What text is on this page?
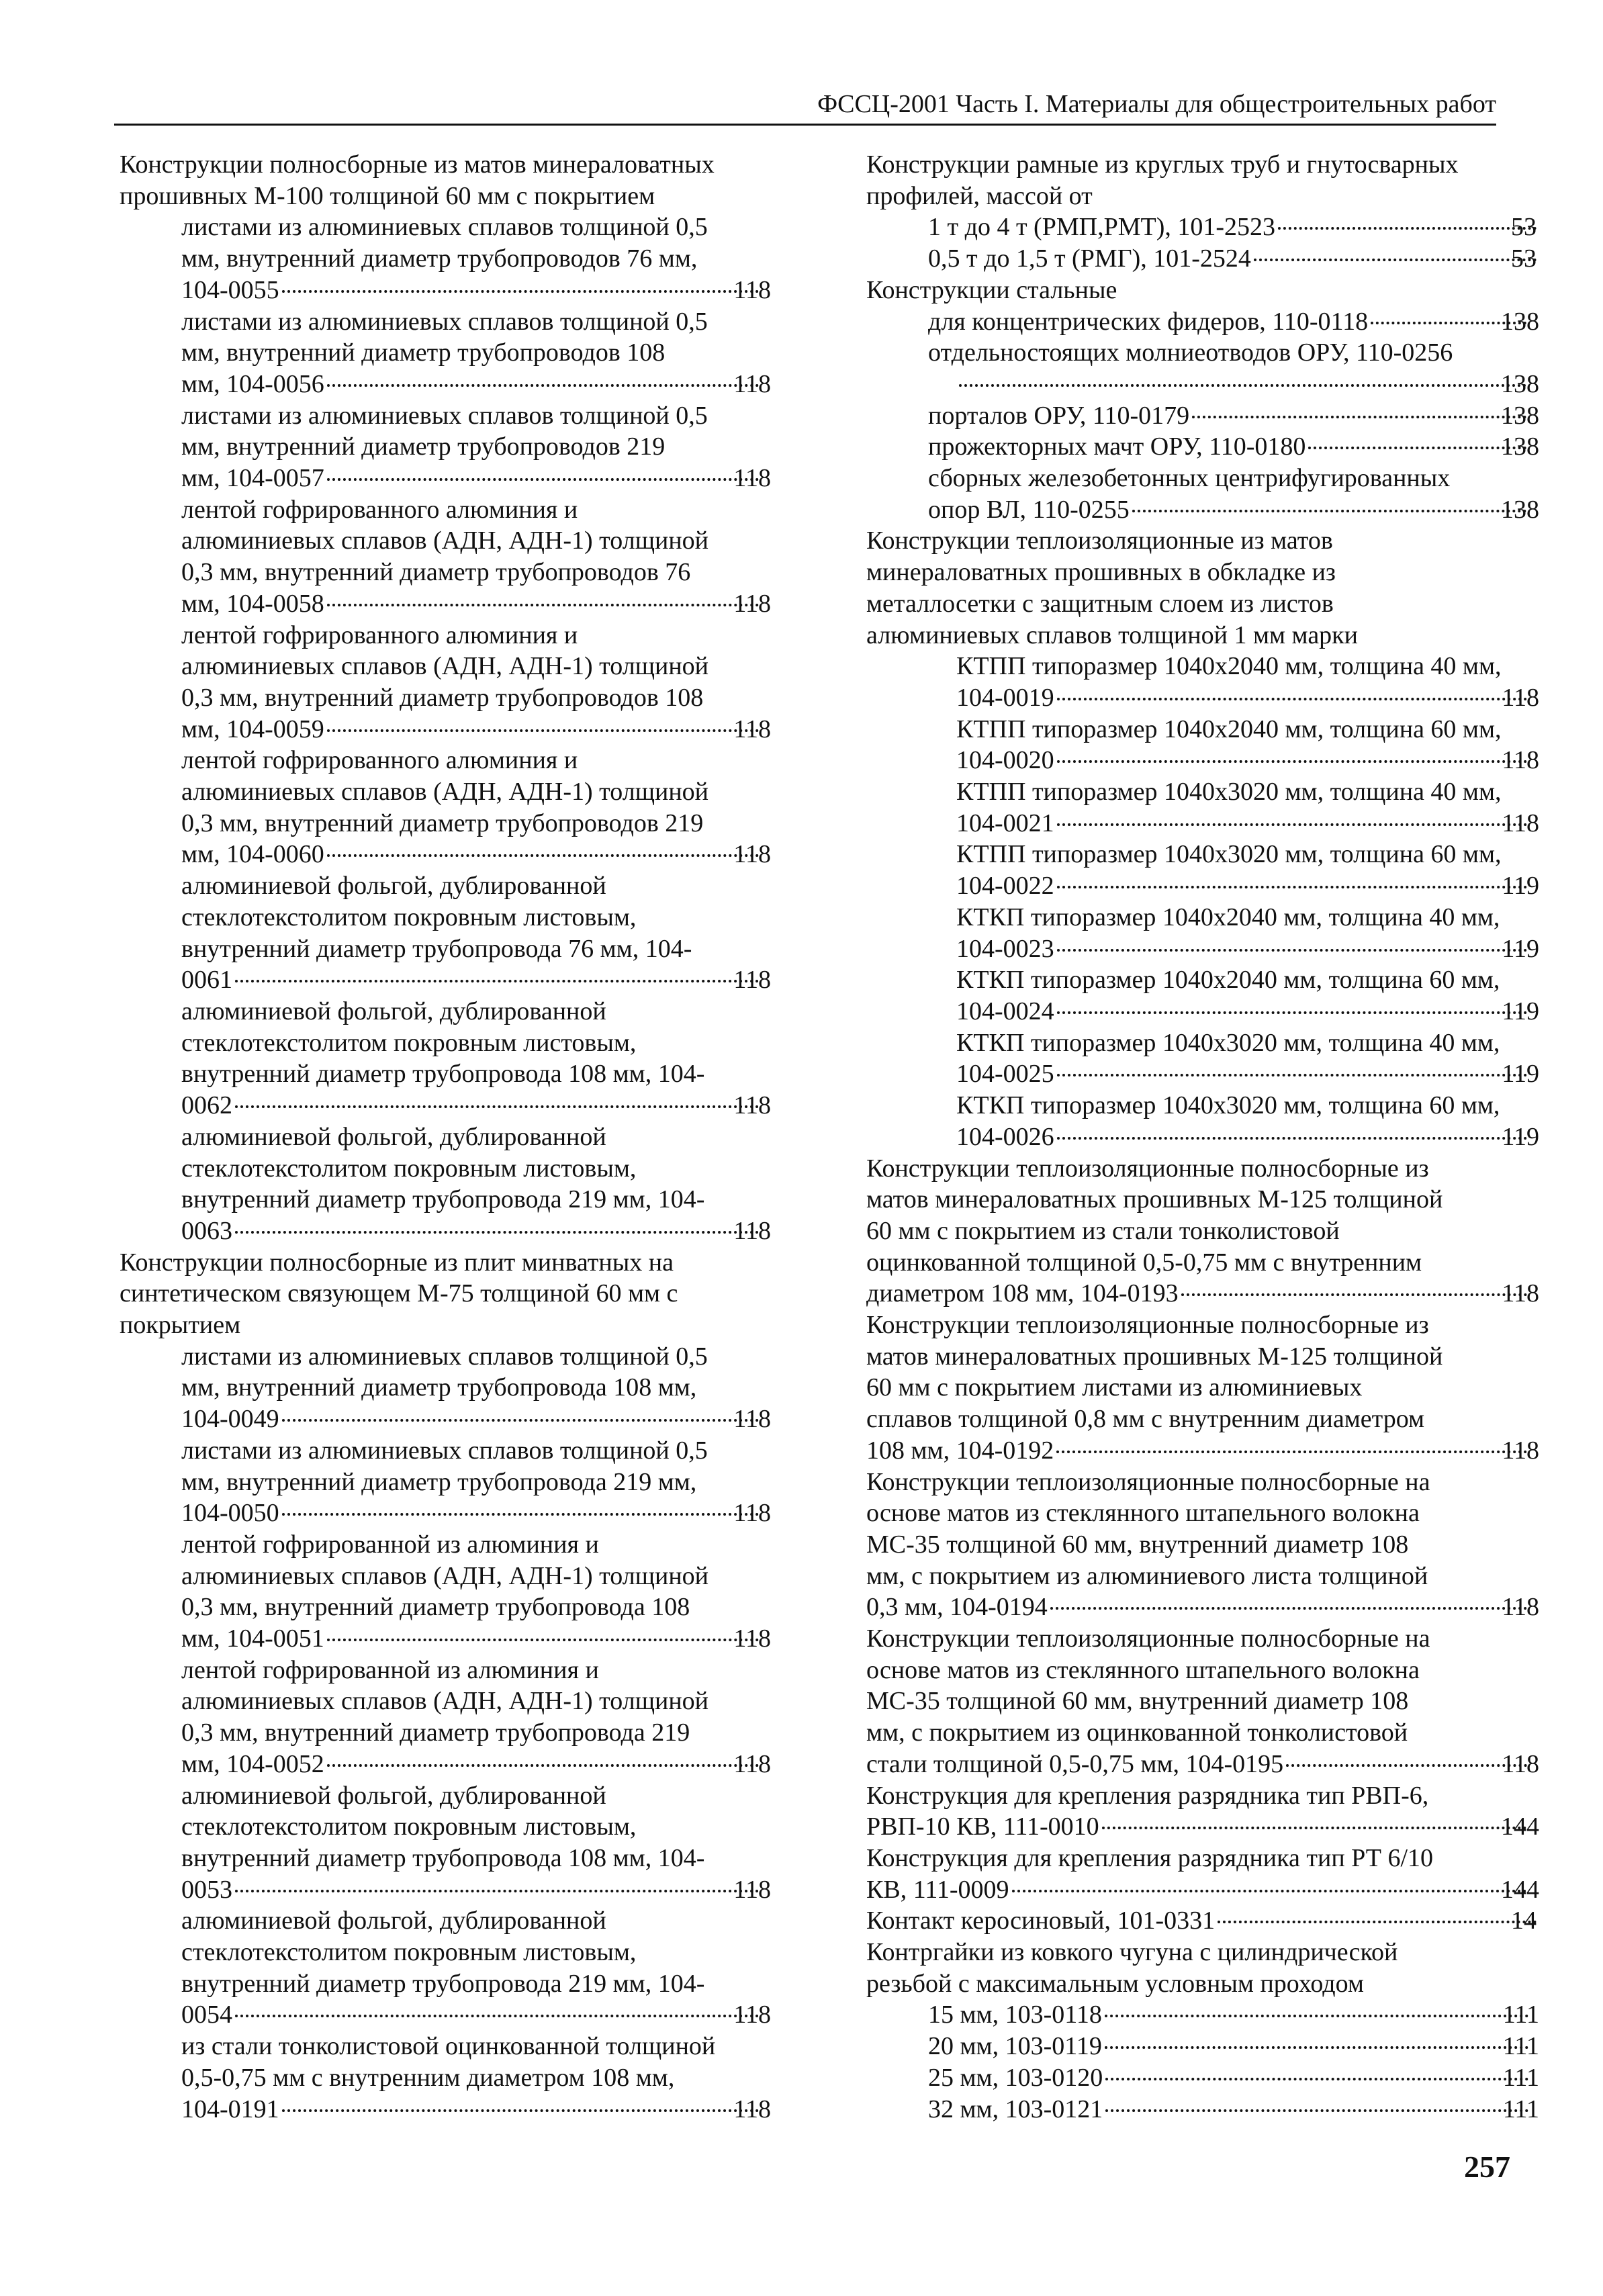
ФССЦ-2001 Часть I. Материалы для общестроительных работ
Конструкции полносборные из матов минераловатных
прошивных М-100 толщиной 60 мм с покрытием
листами из алюминиевых сплавов толщиной 0,5
мм, внутренний диаметр трубопроводов 76 мм,
104-0055	118
листами из алюминиевых сплавов толщиной 0,5
мм, внутренний диаметр трубопроводов 108
мм, 104-0056	118
листами из алюминиевых сплавов толщиной 0,5
мм, внутренний диаметр трубопроводов 219
мм, 104-0057	118
лентой гофрированного алюминия и
алюминиевых сплавов (АДН, АДН-1) толщиной
0,3 мм, внутренний диаметр трубопроводов 76
мм, 104-0058	118
лентой гофрированного алюминия и
алюминиевых сплавов (АДН, АДН-1) толщиной
0,3 мм, внутренний диаметр трубопроводов 108
мм, 104-0059	118
лентой гофрированного алюминия и
алюминиевых сплавов (АДН, АДН-1) толщиной
0,3 мм, внутренний диаметр трубопроводов 219
мм, 104-0060	118
алюминиевой фольгой, дублированной
стеклотекстолитом покровным листовым,
внутренний диаметр трубопровода 76 мм, 104-
0061	118
алюминиевой фольгой, дублированной
стеклотекстолитом покровным листовым,
внутренний диаметр трубопровода 108 мм, 104-
0062	118
алюминиевой фольгой, дублированной
стеклотекстолитом покровным листовым,
внутренний диаметр трубопровода 219 мм, 104-
0063	118
Конструкции полносборные из плит минватных на
синтетическом связующем М-75 толщиной 60 мм с
покрытием
листами из алюминиевых сплавов толщиной 0,5
мм, внутренний диаметр трубопровода 108 мм,
104-0049	118
листами из алюминиевых сплавов толщиной 0,5
мм, внутренний диаметр трубопровода 219 мм,
104-0050	118
лентой гофрированной из алюминия и
алюминиевых сплавов (АДН, АДН-1) толщиной
0,3 мм, внутренний диаметр трубопровода 108
мм, 104-0051	118
лентой гофрированной из алюминия и
алюминиевых сплавов (АДН, АДН-1) толщиной
0,3 мм, внутренний диаметр трубопровода 219
мм, 104-0052	118
алюминиевой фольгой, дублированной
стеклотекстолитом покровным листовым,
внутренний диаметр трубопровода 108 мм, 104-
0053	118
алюминиевой фольгой, дублированной
стеклотекстолитом покровным листовым,
внутренний диаметр трубопровода 219 мм, 104-
0054	118
из стали тонколистовой оцинкованной толщиной
0,5-0,75 мм с внутренним диаметром 108 мм,
104-0191	118
Конструкции рамные из круглых труб и гнутосварных
профилей, массой от
1 т до 4 т (РМП,РМТ), 101-2523	53
0,5 т до 1,5 т (РМГ), 101-2524	53
Конструкции стальные
для концентрических фидеров, 110-0118	138
отдельностоящих молниеотводов ОРУ, 110-0256
138
порталов ОРУ, 110-0179	138
прожекторных мачт ОРУ, 110-0180	138
сборных железобетонных центрифугированных
опор ВЛ, 110-0255	138
Конструкции теплоизоляционные из матов
минераловатных прошивных в обкладке из
металлосетки с защитным слоем из листов
алюминиевых сплавов толщиной 1 мм марки
КТПП типоразмер 1040x2040 мм, толщина 40 мм,
104-0019	118
КТПП типоразмер 1040x2040 мм, толщина 60 мм,
104-0020	118
КТПП типоразмер 1040x3020 мм, толщина 40 мм,
104-0021	118
КТПП типоразмер 1040x3020 мм, толщина 60 мм,
104-0022	119
КТКП типоразмер 1040x2040 мм, толщина 40 мм,
104-0023	119
КТКП типоразмер 1040x2040 мм, толщина 60 мм,
104-0024	119
КТКП типоразмер 1040x3020 мм, толщина 40 мм,
104-0025	119
КТКП типоразмер 1040x3020 мм, толщина 60 мм,
104-0026	119
Конструкции теплоизоляционные полносборные из
матов минераловатных прошивных М-125 толщиной
60 мм с покрытием из стали тонколистовой
оцинкованной толщиной 0,5-0,75 мм с внутренним
диаметром 108 мм, 104-0193	118
Конструкции теплоизоляционные полносборные из
матов минераловатных прошивных М-125 толщиной
60 мм с покрытием листами из алюминиевых
сплавов толщиной 0,8 мм с внутренним диаметром
108 мм, 104-0192	118
Конструкции теплоизоляционные полносборные на
основе матов из стеклянного штапельного волокна
МС-35 толщиной 60 мм, внутренний диаметр 108
мм, с покрытием из алюминиевого листа толщиной
0,3 мм, 104-0194	118
Конструкции теплоизоляционные полносборные на
основе матов из стеклянного штапельного волокна
МС-35 толщиной 60 мм, внутренний диаметр 108
мм, с покрытием из оцинкованной тонколистовой
стали толщиной 0,5-0,75 мм, 104-0195	118
Конструкция для крепления разрядника тип РВП-6,
РВП-10 КВ, 111-0010	144
Конструкция для крепления разрядника тип РТ 6/10
КВ, 111-0009	144
Контакт керосиновый, 101-0331	14
Контргайки из ковкого чугуна с цилиндрической
резьбой с максимальным условным проходом
15 мм, 103-0118	111
20 мм, 103-0119	111
25 мм, 103-0120	111
32 мм, 103-0121	111
257
